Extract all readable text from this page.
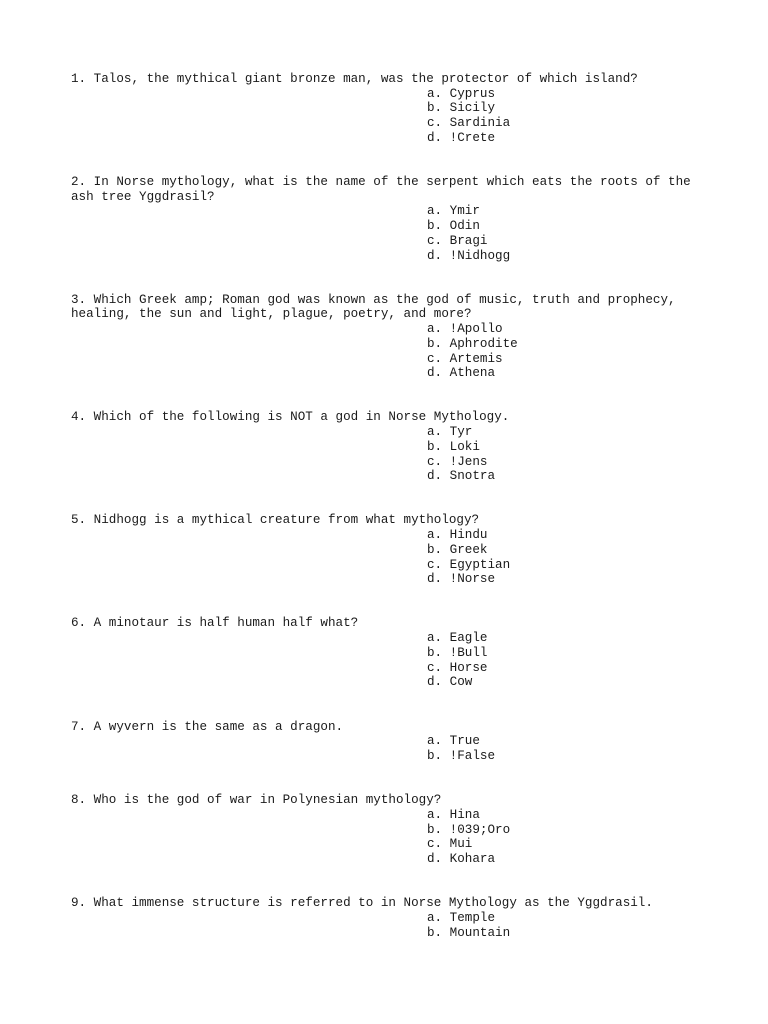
1. Talos, the mythical giant bronze man, was the protector of which island?
a. Cyprus
b. Sicily
c. Sardinia
d. !Crete
2. In Norse mythology, what is the name of the serpent which eats the roots of the ash tree Yggdrasil?
a. Ymir
b. Odin
c. Bragi
d. !Nidhogg
3. Which Greek amp; Roman god was known as the god of music, truth and prophecy, healing, the sun and light, plague, poetry, and more?
a. !Apollo
b. Aphrodite
c. Artemis
d. Athena
4. Which of the following is NOT a god in Norse Mythology.
a. Tyr
b. Loki
c. !Jens
d. Snotra
5. Nidhogg is a mythical creature from what mythology?
a. Hindu
b. Greek
c. Egyptian
d. !Norse
6. A minotaur is half human half what?
a. Eagle
b. !Bull
c. Horse
d. Cow
7. A wyvern is the same as a dragon.
a. True
b. !False
8. Who is the god of war in Polynesian mythology?
a. Hina
b. !039;Oro
c. Mui
d. Kohara
9. What immense structure is referred to in Norse Mythology as the Yggdrasil.
a. Temple
b. Mountain
